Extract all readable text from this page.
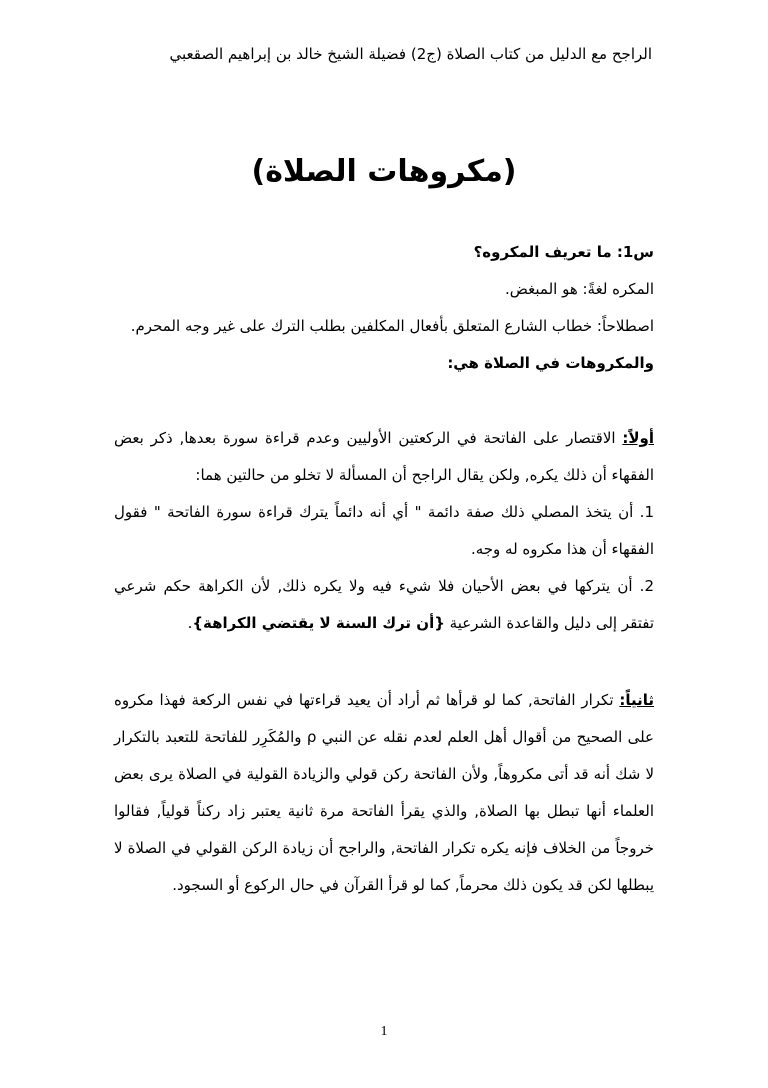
الراجح مع الدليل من كتاب الصلاة (ج2) فضيلة الشيخ خالد بن إبراهيم الصقعبي
(مكروهات الصلاة)

س1: ما تعريف المكروه؟

المكره لغةً: هو المبغض.

اصطلاحاً: خطاب الشارع المتعلق بأفعال المكلفين بطلب الترك على غير وجه المحرم.

والمكروهات في الصلاة هي:

أولاً: الاقتصار على الفاتحة في الركعتين الأوليين وعدم قراءة سورة بعدها, ذكر بعض الفقهاء أن ذلك يكره, ولكن يقال الراجح أن المسألة لا تخلو من حالتين هما:

1. أن يتخذ المصلي ذلك صفة دائمة " أي أنه دائماً يترك قراءة سورة الفاتحة " فقول الفقهاء أن هذا مكروه له وجه.

2. أن يتركها في بعض الأحيان فلا شيء فيه ولا يكره ذلك, لأن الكراهة حكم شرعي تفتقر إلى دليل والقاعدة الشرعية {أن ترك السنة لا يقتضي الكراهة}.

ثانياً: تكرار الفاتحة, كما لو قرأها ثم أراد أن يعيد قراءتها في نفس الركعة فهذا مكروه على الصحيح من أقوال أهل العلم لعدم نقله عن النبي ρ والمُكَرِر للفاتحة للتعبد بالتكرار لا شك أنه قد أتى مكروهاً, ولأن الفاتحة ركن قولي والزيادة القولية في الصلاة يرى بعض العلماء أنها تبطل بها الصلاة, والذي يقرأ الفاتحة مرة ثانية يعتبر زاد ركناً قولياً, فقالوا خروجاً من الخلاف فإنه يكره تكرار الفاتحة, والراجح أن زيادة الركن القولي في الصلاة لا يبطلها لكن قد يكون ذلك محرماً, كما لو قرأ القرآن في حال الركوع أو السجود.

1
